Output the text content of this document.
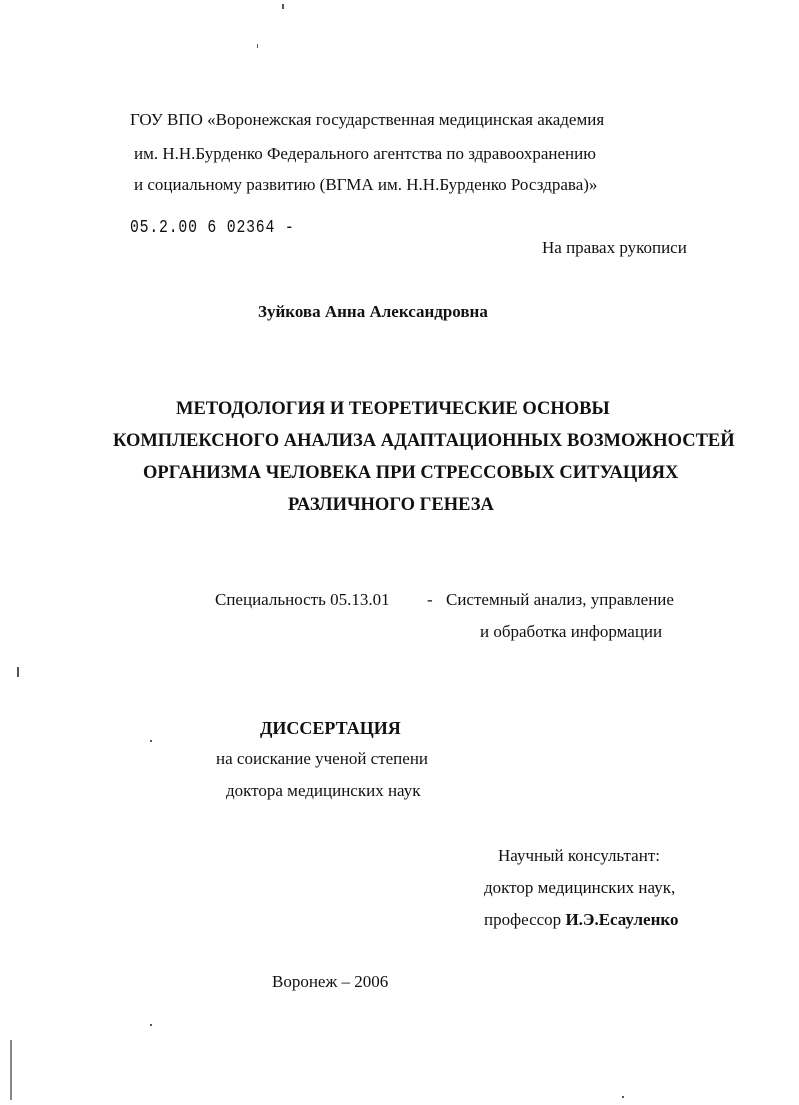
ГОУ ВПО «Воронежская государственная медицинская академия
им. Н.Н.Бурденко Федерального агентства по здравоохранению
и социальному развитию (ВГМА им. Н.Н.Бурденко Росздрава)»
05.2.00 6 02364 -
На правах рукописи
Зуйкова Анна Александровна
МЕТОДОЛОГИЯ И ТЕОРЕТИЧЕСКИЕ ОСНОВЫ
КОМПЛЕКСНОГО АНАЛИЗА АДАПТАЦИОННЫХ ВОЗМОЖНОСТЕЙ
ОРГАНИЗМА ЧЕЛОВЕКА ПРИ СТРЕССОВЫХ СИТУАЦИЯХ
РАЗЛИЧНОГО ГЕНЕЗА
Специальность 05.13.01 - Системный анализ, управление
и обработка информации
ДИССЕРТАЦИЯ
на соискание ученой степени
доктора медицинских наук
Научный консультант:
доктор медицинских наук,
профессор И.Э.Есауленко
Воронеж – 2006
